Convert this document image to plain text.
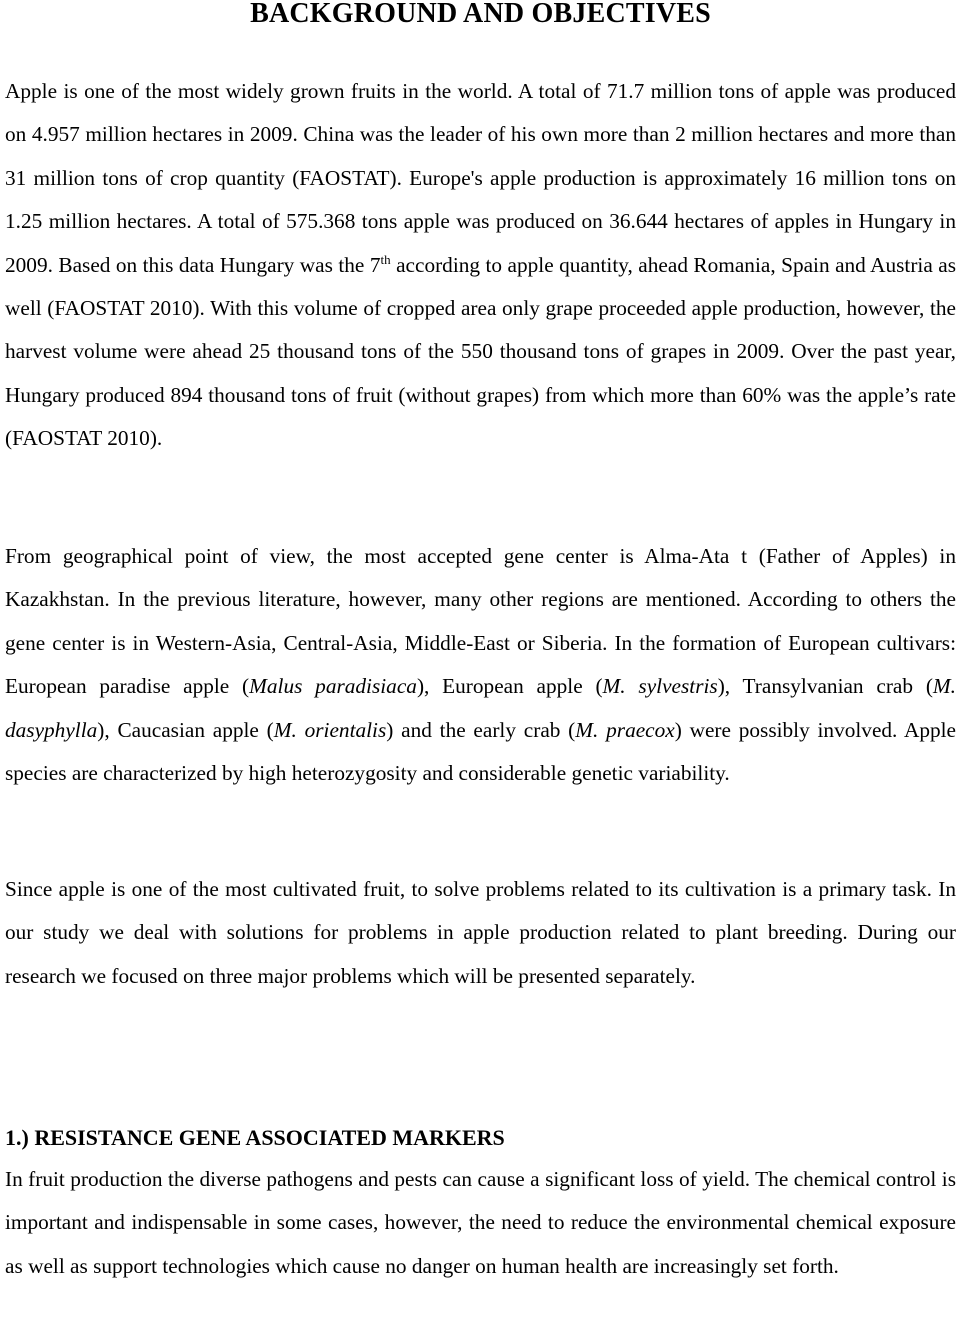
BACKGROUND AND OBJECTIVES

Apple is one of the most widely grown fruits in the world. A total of 71.7 million tons of apple was produced on 4.957 million hectares in 2009. China was the leader of his own more than 2 million hectares and more than 31 million tons of crop quantity (FAOSTAT). Europe's apple production is approximately 16 million tons on 1.25 million hectares. A total of 575.368 tons apple was produced on 36.644 hectares of apples in Hungary in 2009. Based on this data Hungary was the 7th according to apple quantity, ahead Romania, Spain and Austria as well (FAOSTAT 2010). With this volume of cropped area only grape proceeded apple production, however, the harvest volume were ahead 25 thousand tons of the 550 thousand tons of grapes in 2009. Over the past year, Hungary produced 894 thousand tons of fruit (without grapes) from which more than 60% was the apple’s rate (FAOSTAT 2010).

From geographical point of view, the most accepted gene center is Alma-Ata t (Father of Apples) in Kazakhstan. In the previous literature, however, many other regions are mentioned. According to others the gene center is in Western-Asia, Central-Asia, Middle-East or Siberia. In the formation of European cultivars: European paradise apple (Malus paradisiaca), European apple (M. sylvestris), Transylvanian crab (M. dasyphylla), Caucasian apple (M. orientalis) and the early crab (M. praecox) were possibly involved. Apple species are characterized by high heterozygosity and considerable genetic variability.

Since apple is one of the most cultivated fruit, to solve problems related to its cultivation is a primary task. In our study we deal with solutions for problems in apple production related to plant breeding. During our research we focused on three major problems which will be presented separately.

1.) RESISTANCE GENE ASSOCIATED MARKERS

In fruit production the diverse pathogens and pests can cause a significant loss of yield. The chemical control is important and indispensable in some cases, however, the need to reduce the environmental chemical exposure as well as support technologies which cause no danger on human health are increasingly set forth.
